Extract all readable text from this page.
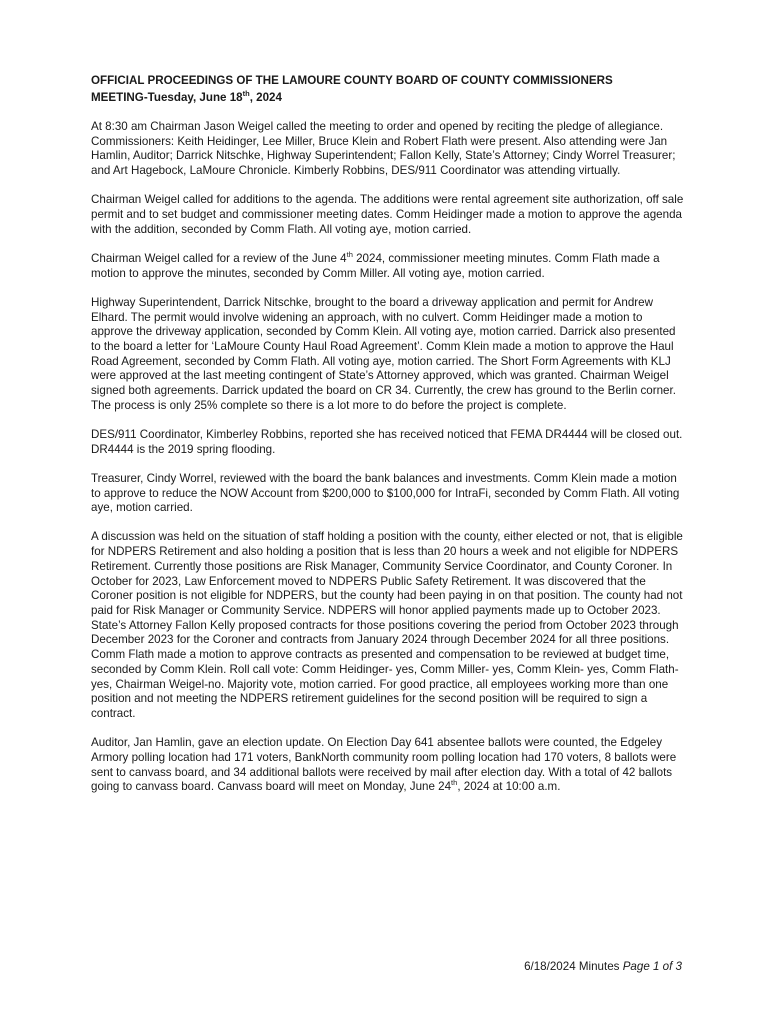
OFFICIAL PROCEEDINGS OF THE LAMOURE COUNTY BOARD OF COUNTY COMMISSIONERS
MEETING-Tuesday, June 18th, 2024

At 8:30 am Chairman Jason Weigel called the meeting to order and opened by reciting the pledge of allegiance. Commissioners: Keith Heidinger, Lee Miller, Bruce Klein and Robert Flath were present. Also attending were Jan Hamlin, Auditor; Darrick Nitschke, Highway Superintendent; Fallon Kelly, State’s Attorney; Cindy Worrel Treasurer; and Art Hagebock, LaMoure Chronicle. Kimberly Robbins, DES/911 Coordinator was attending virtually.

Chairman Weigel called for additions to the agenda. The additions were rental agreement site authorization, off sale permit and to set budget and commissioner meeting dates. Comm Heidinger made a motion to approve the agenda with the addition, seconded by Comm Flath. All voting aye, motion carried.

Chairman Weigel called for a review of the June 4th 2024, commissioner meeting minutes. Comm Flath made a motion to approve the minutes, seconded by Comm Miller. All voting aye, motion carried.

Highway Superintendent, Darrick Nitschke, brought to the board a driveway application and permit for Andrew Elhard. The permit would involve widening an approach, with no culvert. Comm Heidinger made a motion to approve the driveway application, seconded by Comm Klein. All voting aye, motion carried. Darrick also presented to the board a letter for ‘LaMoure County Haul Road Agreement’. Comm Klein made a motion to approve the Haul Road Agreement, seconded by Comm Flath. All voting aye, motion carried. The Short Form Agreements with KLJ were approved at the last meeting contingent of State’s Attorney approved, which was granted. Chairman Weigel signed both agreements. Darrick updated the board on CR 34. Currently, the crew has ground to the Berlin corner. The process is only 25% complete so there is a lot more to do before the project is complete.

DES/911 Coordinator, Kimberley Robbins, reported she has received noticed that FEMA DR4444 will be closed out. DR4444 is the 2019 spring flooding.

Treasurer, Cindy Worrel, reviewed with the board the bank balances and investments. Comm Klein made a motion to approve to reduce the NOW Account from $200,000 to $100,000 for IntraFi, seconded by Comm Flath. All voting aye, motion carried.

A discussion was held on the situation of staff holding a position with the county, either elected or not, that is eligible for NDPERS Retirement and also holding a position that is less than 20 hours a week and not eligible for NDPERS Retirement. Currently those positions are Risk Manager, Community Service Coordinator, and County Coroner. In October for 2023, Law Enforcement moved to NDPERS Public Safety Retirement. It was discovered that the Coroner position is not eligible for NDPERS, but the county had been paying in on that position. The county had not paid for Risk Manager or Community Service. NDPERS will honor applied payments made up to October 2023. State’s Attorney Fallon Kelly proposed contracts for those positions covering the period from October 2023 through December 2023 for the Coroner and contracts from January 2024 through December 2024 for all three positions. Comm Flath made a motion to approve contracts as presented and compensation to be reviewed at budget time, seconded by Comm Klein. Roll call vote: Comm Heidinger- yes, Comm Miller- yes, Comm Klein- yes, Comm Flath-yes, Chairman Weigel-no. Majority vote, motion carried. For good practice, all employees working more than one position and not meeting the NDPERS retirement guidelines for the second position will be required to sign a contract.

Auditor, Jan Hamlin, gave an election update. On Election Day 641 absentee ballots were counted, the Edgeley Armory polling location had 171 voters, BankNorth community room polling location had 170 voters, 8 ballots were sent to canvass board, and 34 additional ballots were received by mail after election day. With a total of 42 ballots going to canvass board. Canvass board will meet on Monday, June 24th, 2024 at 10:00 a.m.

6/18/2024 Minutes Page 1 of 3
